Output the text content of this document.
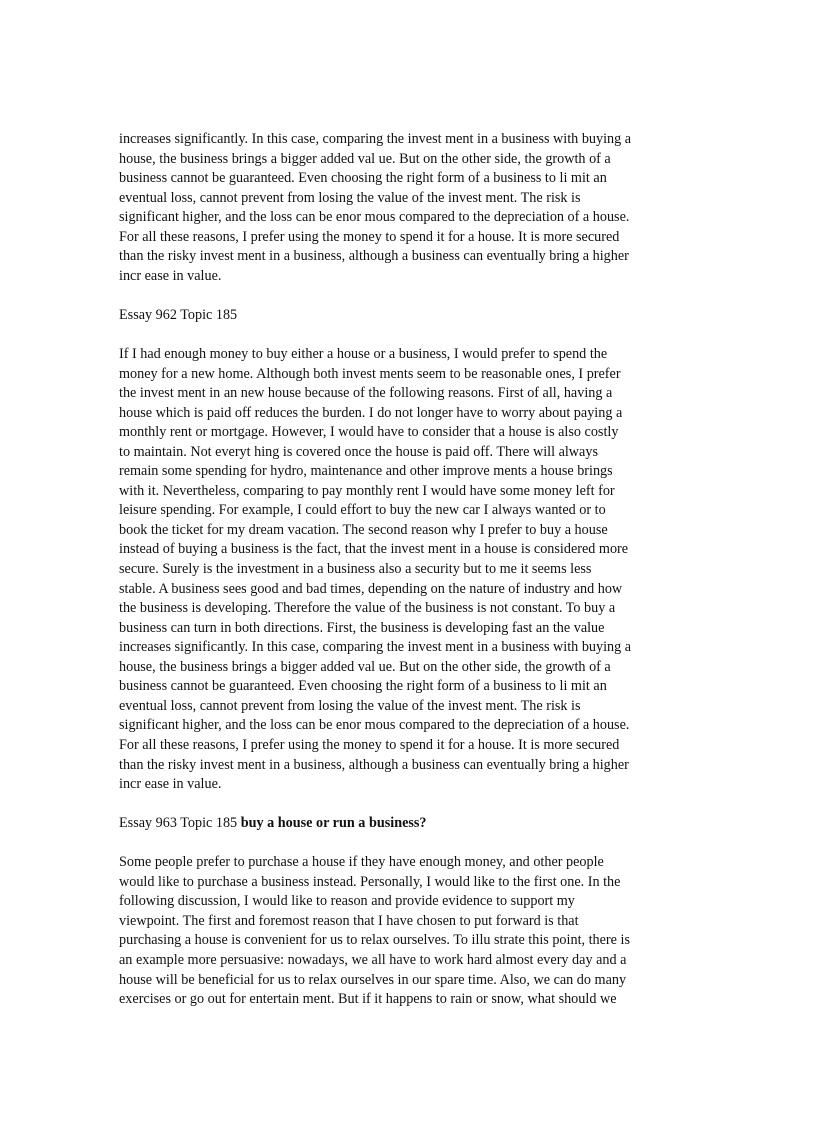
increases significantly. In this case, comparing the invest ment in a business with buying a
house, the business brings a bigger added val ue. But on the other side, the growth of a
business cannot be guaranteed. Even choosing the right form of a business to li mit an
eventual loss, cannot prevent from losing the value of the invest ment. The risk is
significant higher, and the loss can be enor mous compared to the depreciation of a house.
For all these reasons, I prefer using the money to spend it for a house. It is more secured
than the risky invest ment in a business, although a business can eventually bring a higher
incr ease in value.
Essay 962 Topic 185
If I had enough money to buy either a house or a business, I would prefer to spend the
money for a new home. Although both invest ments seem to be reasonable ones, I prefer
the invest ment in an new house because of the following reasons. First of all, having a
house which is paid off reduces the burden. I do not longer have to worry about paying a
monthly rent or mortgage. However, I would have to consider that a house is also costly
to maintain. Not everyt hing is covered once the house is paid off. There will always
remain some spending for hydro, maintenance and other improve ments a house brings
with it. Nevertheless, comparing to pay monthly rent I would have some money left for
leisure spending. For example, I could effort to buy the new car I always wanted or to
book the ticket for my dream vacation. The second reason why I prefer to buy a house
instead of buying a business is the fact, that the invest ment in a house is considered more
secure. Surely is the investment in a business also a security but to me it seems less
stable. A business sees good and bad times, depending on the nature of industry and how
the business is developing. Therefore the value of the business is not constant. To buy a
business can turn in both directions. First, the business is developing fast an the value
increases significantly. In this case, comparing the invest ment in a business with buying a
house, the business brings a bigger added val ue. But on the other side, the growth of a
business cannot be guaranteed. Even choosing the right form of a business to li mit an
eventual loss, cannot prevent from losing the value of the invest ment. The risk is
significant higher, and the loss can be enor mous compared to the depreciation of a house.
For all these reasons, I prefer using the money to spend it for a house. It is more secured
than the risky invest ment in a business, although a business can eventually bring a higher
incr ease in value.
Essay 963 Topic 185 buy a house or run a business?
Some people prefer to purchase a house if they have enough money, and other people
would like to purchase a business instead. Personally, I would like to the first one. In the
following discussion, I would like to reason and provide evidence to support my
viewpoint. The first and foremost reason that I have chosen to put forward is that
purchasing a house is convenient for us to relax ourselves. To illu strate this point, there is
an example more persuasive: nowadays, we all have to work hard almost every day and a
house will be beneficial for us to relax ourselves in our spare time. Also, we can do many
exercises or go out for entertain ment. But if it happens to rain or snow, what should we
